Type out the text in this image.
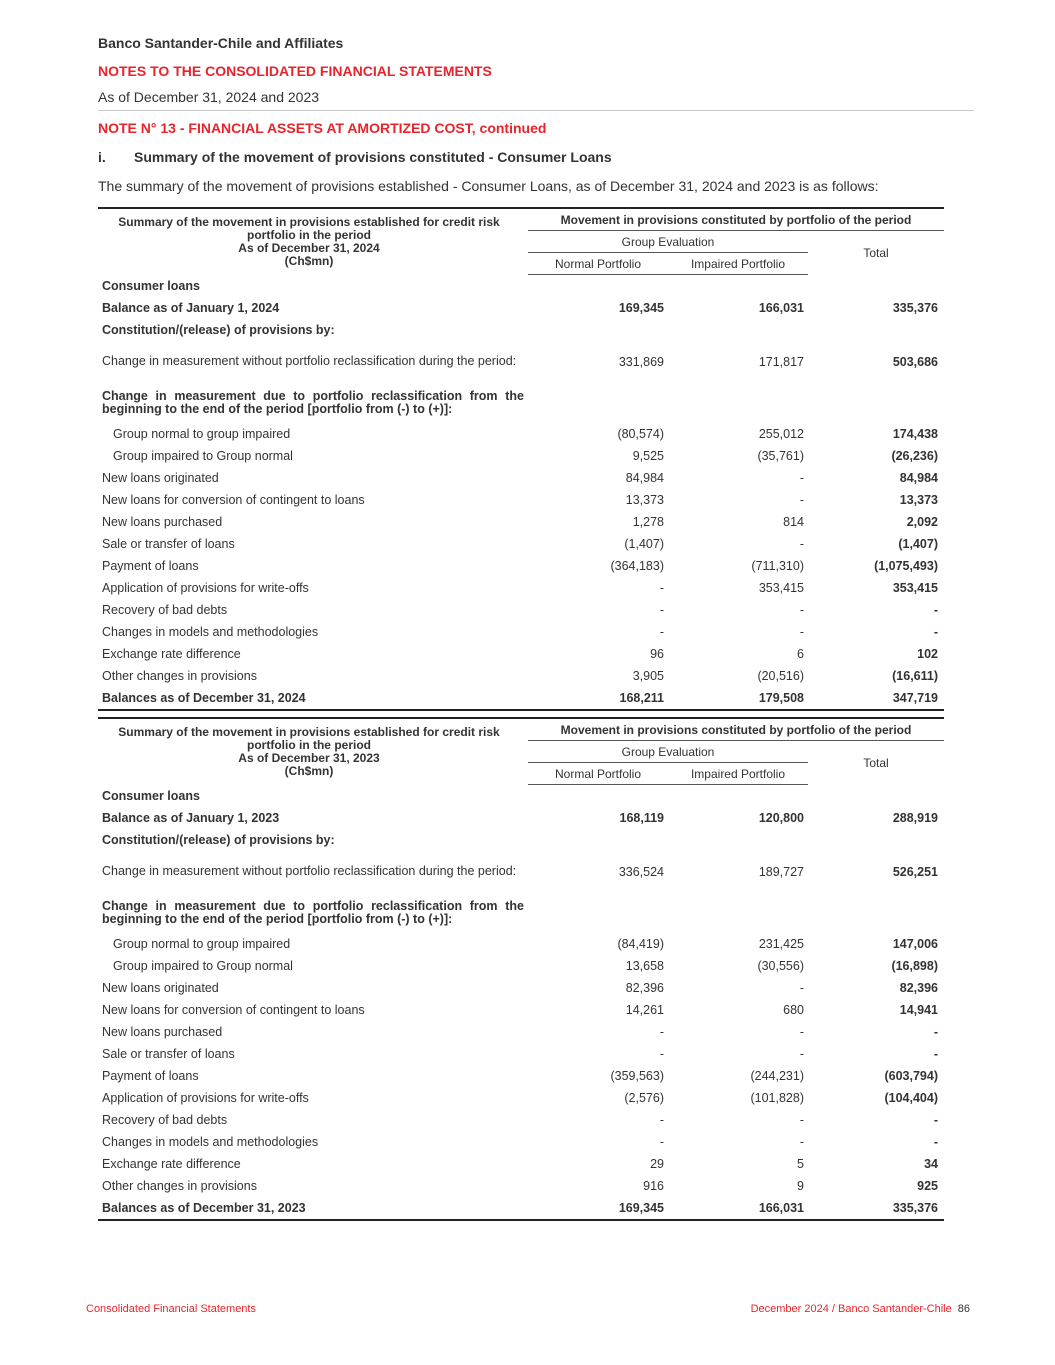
Banco Santander-Chile and Affiliates
NOTES TO THE CONSOLIDATED FINANCIAL STATEMENTS
As of December 31, 2024 and 2023
NOTE N° 13 - FINANCIAL ASSETS AT AMORTIZED COST, continued
i. Summary of the movement of provisions constituted - Consumer Loans
The summary of the movement of provisions established - Consumer Loans, as of December 31, 2024 and 2023 is as follows:
Summary of the movement in provisions established for credit risk
portfolio in the period
As of December 31, 2024
(Ch$mn)	Movement in provisions constituted by portfolio of the period		
	Group Evaluation		Total
	Normal Portfolio	Impaired Portfolio	
Consumer loans			
Balance as of January 1, 2024	169,345	166,031	335,376
Constitution/(release) of provisions by:			
Change in measurement without portfolio reclassification during the period:	331,869	171,817	503,686
Change in measurement due to portfolio reclassification from the beginning to the end of the period [portfolio from (-) to (+)]:			
Group normal to group impaired	(80,574)	255,012	174,438
Group impaired to Group normal	9,525	(35,761)	(26,236)
New loans originated	84,984	-	84,984
New loans for conversion of contingent to loans	13,373	-	13,373
New loans purchased	1,278	814	2,092
Sale or transfer of loans	(1,407)	-	(1,407)
Payment of loans	(364,183)	(711,310)	(1,075,493)
Application of provisions for write-offs	-	353,415	353,415
Recovery of bad debts	-	-	-
Changes in models and methodologies	-	-	-
Exchange rate difference	96	6	102
Other changes in provisions	3,905	(20,516)	(16,611)
Balances as of December 31, 2024	168,211	179,508	347,719
Summary of the movement in provisions established for credit risk
portfolio in the period
As of December 31, 2023
(Ch$mn)	Movement in provisions constituted by portfolio of the period		
	Group Evaluation		Total
	Normal Portfolio	Impaired Portfolio	
Consumer loans			
Balance as of January 1, 2023	168,119	120,800	288,919
Constitution/(release) of provisions by:			
Change in measurement without portfolio reclassification during the period:	336,524	189,727	526,251
Change in measurement due to portfolio reclassification from the beginning to the end of the period [portfolio from (-) to (+)]:			
Group normal to group impaired	(84,419)	231,425	147,006
Group impaired to Group normal	13,658	(30,556)	(16,898)
New loans originated	82,396	-	82,396
New loans for conversion of contingent to loans	14,261	680	14,941
New loans purchased	-	-	-
Sale or transfer of loans	-	-	-
Payment of loans	(359,563)	(244,231)	(603,794)
Application of provisions for write-offs	(2,576)	(101,828)	(104,404)
Recovery of bad debts	-	-	-
Changes in models and methodologies	-	-	-
Exchange rate difference	29	5	34
Other changes in provisions	916	9	925
Balances as of December 31, 2023	169,345	166,031	335,376
Consolidated Financial Statements	December 2024 / Banco Santander-Chile 86
